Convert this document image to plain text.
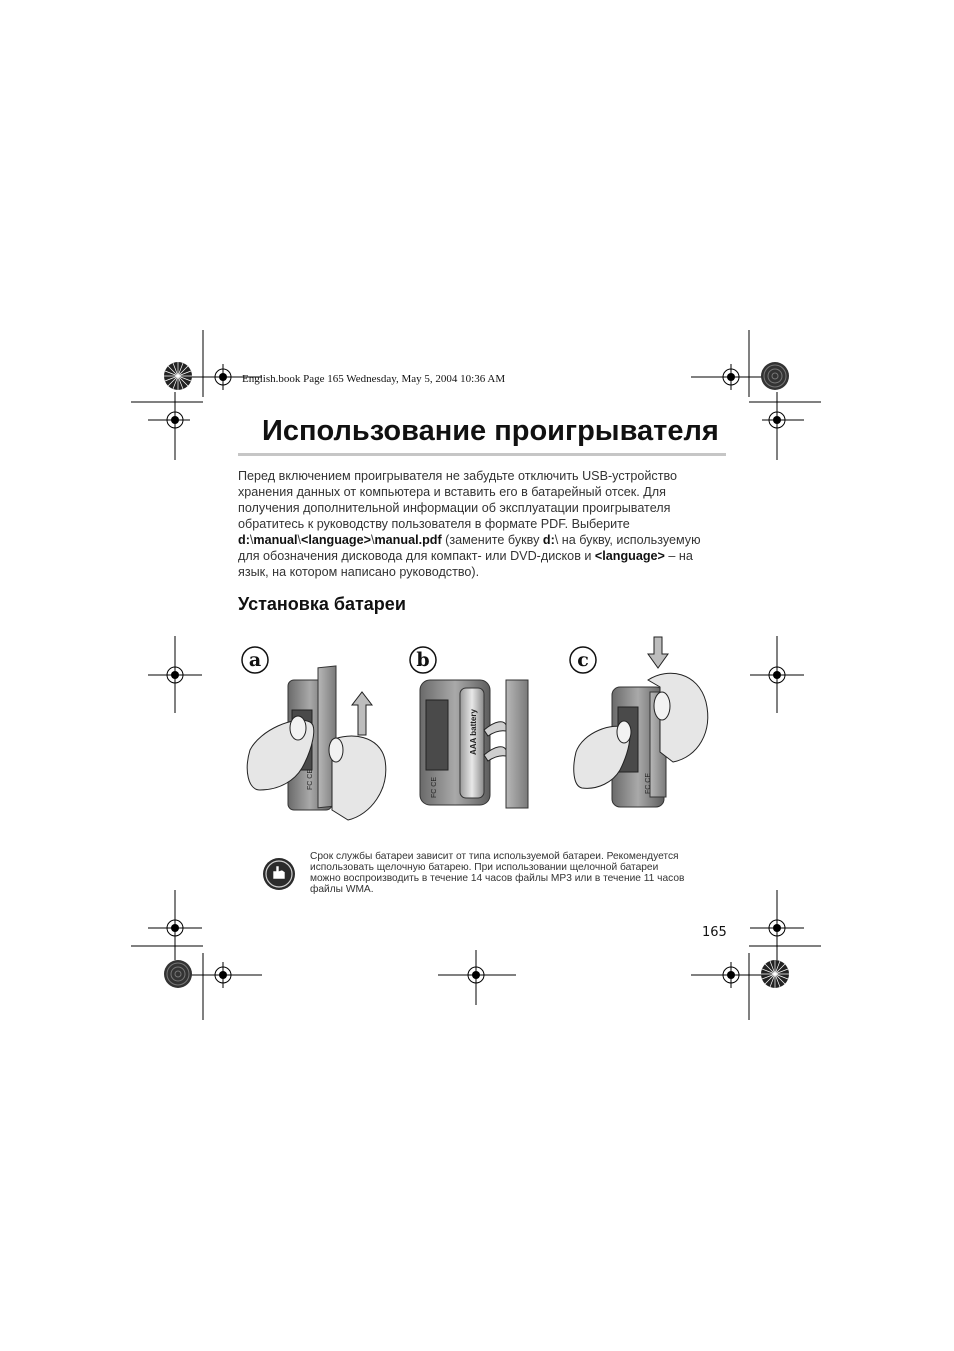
English.book Page 165 Wednesday, May 5, 2004 10:36 AM
Использование проигрывателя
Перед включением проигрывателя не забудьте отключить USB-устройство
хранения данных от компьютера и вставить его в батарейный отсек. Для
получения дополнительной информации об эксплуатации проигрывателя
обратитесь к руководству пользователя в формате PDF. Выберите
d:\manual\<language>\manual.pdf (замените букву d:\ на букву, используемую
для обозначения дисковода для компакт- или DVD-дисков и <language> – на
язык, на котором написано руководство).
Установка батареи
a
FC CE
b
AAA battery
FC CE
c
FC CE
Срок службы батареи зависит от типа используемой батареи. Рекомендуется
использовать щелочную батарею. При использовании щелочной батареи
можно воспроизводить в течение 14 часов файлы MP3 или в течение 11 часов
файлы WMA.
165
